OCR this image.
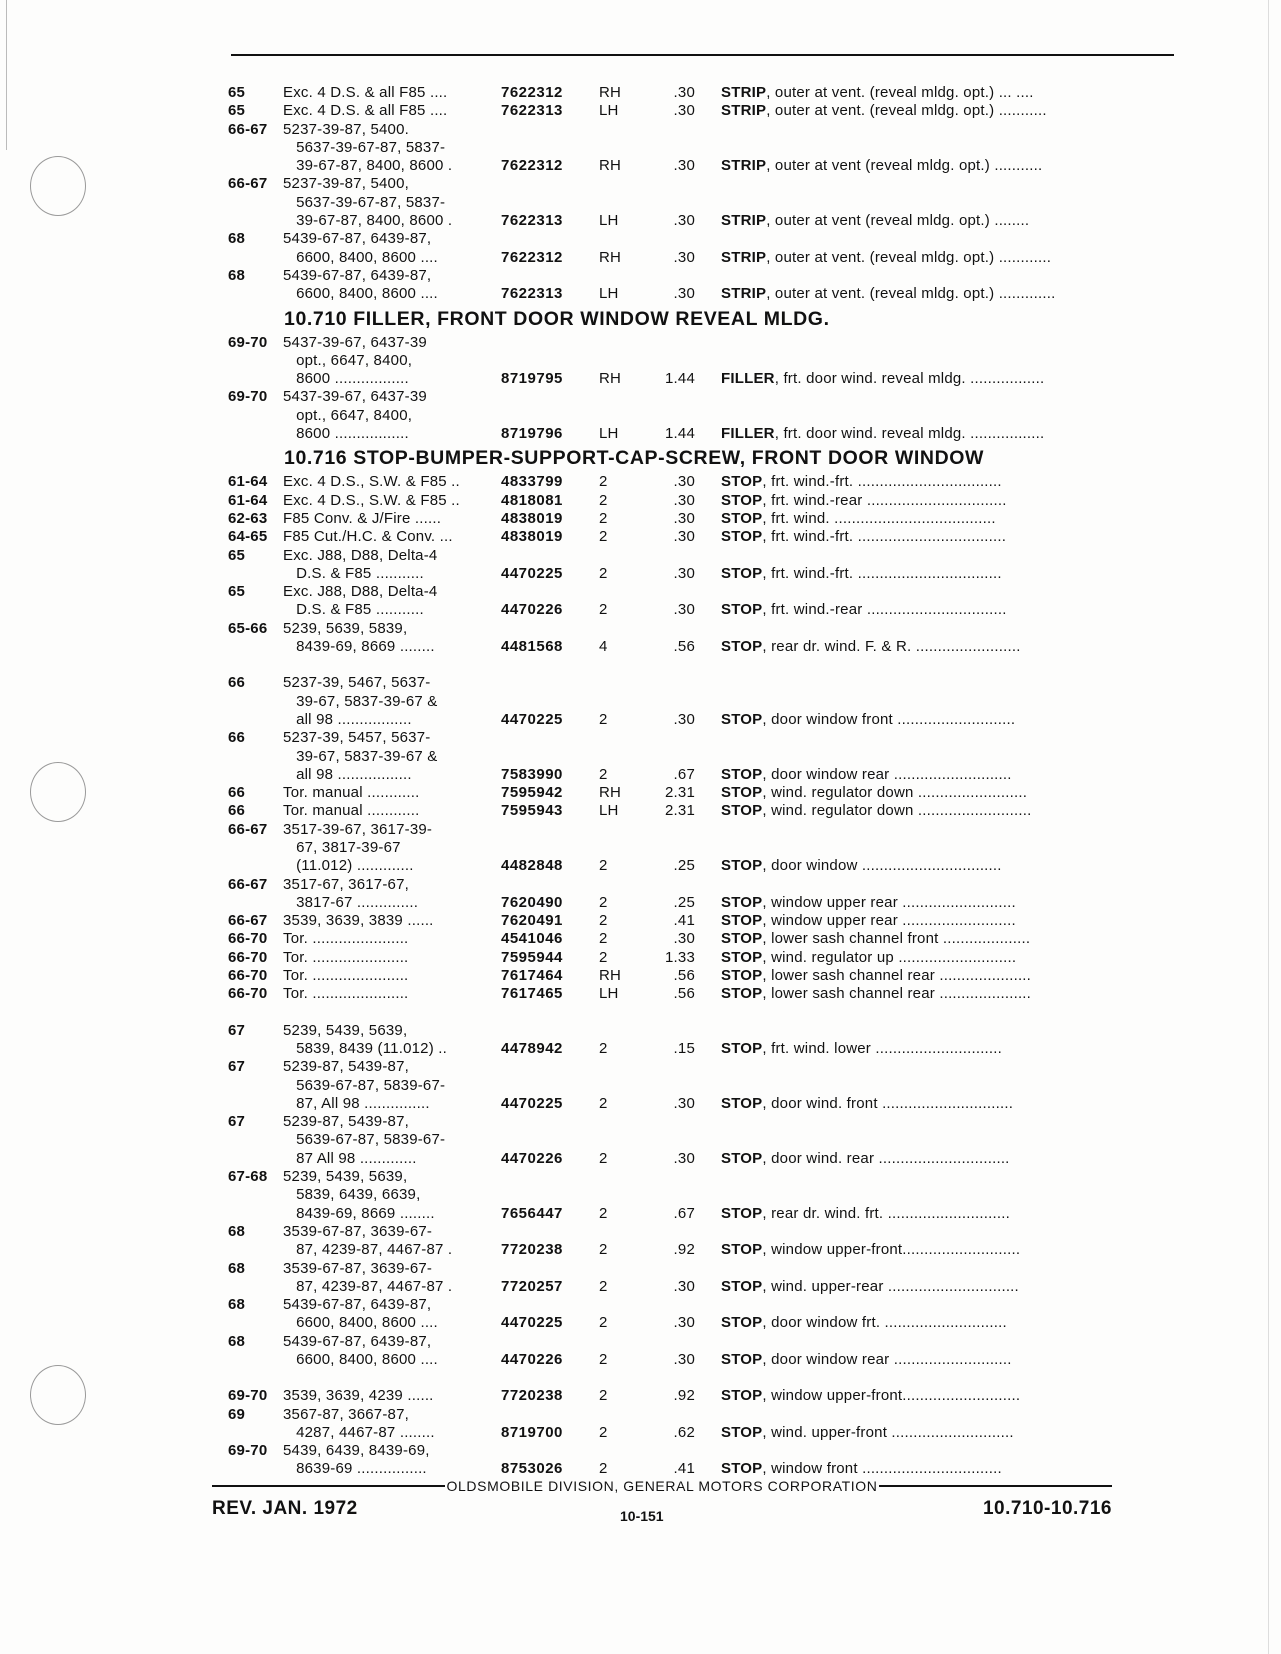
65	Exc. 4 D.S. & all F85 ....	7622312	RH	.30	STRIP, outer at vent. (reveal mldg. opt.) ... ....
65	Exc. 4 D.S. & all F85 ....	7622313	LH	.30	STRIP, outer at vent. (reveal mldg. opt.) ...........
66-67	5237-39-87, 5400.
5637-39-67-87, 5837-
39-67-87, 8400, 8600 .	7622312	RH	.30	STRIP, outer at vent (reveal mldg. opt.) ...........
66-67	5237-39-87, 5400,
5637-39-67-87, 5837-
39-67-87, 8400, 8600 .	7622313	LH	.30	STRIP, outer at vent (reveal mldg. opt.) ........
68	5439-67-87, 6439-87,
6600, 8400, 8600 ....	7622312	RH	.30	STRIP, outer at vent. (reveal mldg. opt.) ............
68	5439-67-87, 6439-87,
6600, 8400, 8600 ....	7622313	LH	.30	STRIP, outer at vent. (reveal mldg. opt.) .............
10.710 FILLER, FRONT DOOR WINDOW REVEAL MLDG.
69-70	5437-39-67, 6437-39
opt., 6647, 8400,
8600 .................	8719795	RH	1.44	FILLER, frt. door wind. reveal mldg. .................
69-70	5437-39-67, 6437-39
opt., 6647, 8400,
8600 .................	8719796	LH	1.44	FILLER, frt. door wind. reveal mldg. .................
10.716 STOP-BUMPER-SUPPORT-CAP-SCREW, FRONT DOOR WINDOW
61-64	Exc. 4 D.S., S.W. & F85 ..	4833799	2	.30	STOP, frt. wind.-frt. .................................
61-64	Exc. 4 D.S., S.W. & F85 ..	4818081	2	.30	STOP, frt. wind.-rear ................................
62-63	F85 Conv. & J/Fire ......	4838019	2	.30	STOP, frt. wind. .....................................
64-65	F85 Cut./H.C. & Conv. ...	4838019	2	.30	STOP, frt. wind.-frt. ..................................
65	Exc. J88, D88, Delta-4
D.S. & F85 ...........	4470225	2	.30	STOP, frt. wind.-frt. .................................
65	Exc. J88, D88, Delta-4
D.S. & F85 ...........	4470226	2	.30	STOP, frt. wind.-rear ................................
65-66	5239, 5639, 5839,
8439-69, 8669 ........	4481568	4	.56	STOP, rear dr. wind. F. & R. ........................
66	5237-39, 5467, 5637-
39-67, 5837-39-67 &
all 98 .................	4470225	2	.30	STOP, door window front ...........................
66	5237-39, 5457, 5637-
39-67, 5837-39-67 &
all 98 .................	7583990	2	.67	STOP, door window rear ...........................
66	Tor. manual ............	7595942	RH	2.31	STOP, wind. regulator down .........................
66	Tor. manual ............	7595943	LH	2.31	STOP, wind. regulator down ..........................
66-67	3517-39-67, 3617-39-
67, 3817-39-67
(11.012) .............	4482848	2	.25	STOP, door window ................................
66-67	3517-67, 3617-67,
3817-67 ..............	7620490	2	.25	STOP, window upper rear ..........................
66-67	3539, 3639, 3839 ......	7620491	2	.41	STOP, window upper rear ..........................
66-70	Tor. ......................	4541046	2	.30	STOP, lower sash channel front ....................
66-70	Tor. ......................	7595944	2	1.33	STOP, wind. regulator up ...........................
66-70	Tor. ......................	7617464	RH	.56	STOP, lower sash channel rear .....................
66-70	Tor. ......................	7617465	LH	.56	STOP, lower sash channel rear .....................
67	5239, 5439, 5639,
5839, 8439 (11.012) ..	4478942	2	.15	STOP, frt. wind. lower .............................
67	5239-87, 5439-87,
5639-67-87, 5839-67-
87, All 98 ...............	4470225	2	.30	STOP, door wind. front ..............................
67	5239-87, 5439-87,
5639-67-87, 5839-67-
87 All 98 .............	4470226	2	.30	STOP, door wind. rear ..............................
67-68	5239, 5439, 5639,
5839, 6439, 6639,
8439-69, 8669 ........	7656447	2	.67	STOP, rear dr. wind. frt. ............................
68	3539-67-87, 3639-67-
87, 4239-87, 4467-87 .	7720238	2	.92	STOP, window upper-front...........................
68	3539-67-87, 3639-67-
87, 4239-87, 4467-87 .	7720257	2	.30	STOP, wind. upper-rear ..............................
68	5439-67-87, 6439-87,
6600, 8400, 8600 ....	4470225	2	.30	STOP, door window frt. ............................
68	5439-67-87, 6439-87,
6600, 8400, 8600 ....	4470226	2	.30	STOP, door window rear ...........................
69-70	3539, 3639, 4239 ......	7720238	2	.92	STOP, window upper-front...........................
69	3567-87, 3667-87,
4287, 4467-87 ........	8719700	2	.62	STOP, wind. upper-front ............................
69-70	5439, 6439, 8439-69,
8639-69 ................	8753026	2	.41	STOP, window front ................................
OLDSMOBILE DIVISION, GENERAL MOTORS CORPORATION
REV. JAN. 1972	10-151	10.710-10.716
